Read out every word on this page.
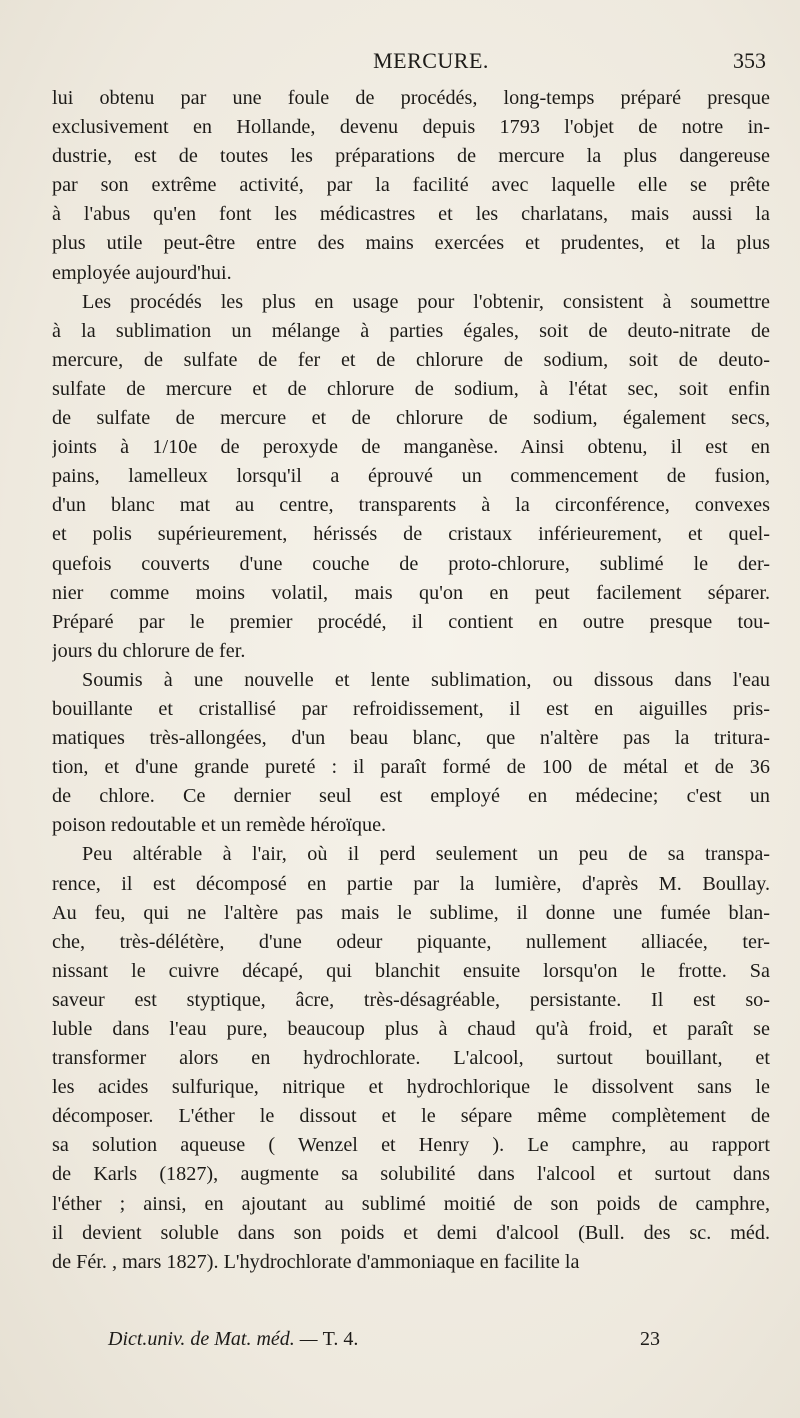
MERCURE.	353

lui obtenu par une foule de procédés, long-temps préparé presque
exclusivement en Hollande, devenu depuis 1793 l'objet de notre in-
dustrie, est de toutes les préparations de mercure la plus dangereuse
par son extrême activité, par la facilité avec laquelle elle se prête
à l'abus qu'en font les médicastres et les charlatans, mais aussi la
plus utile peut-être entre des mains exercées et prudentes, et la plus
employée aujourd'hui.

Les procédés les plus en usage pour l'obtenir, consistent à soumettre
à la sublimation un mélange à parties égales, soit de deuto-nitrate de
mercure, de sulfate de fer et de chlorure de sodium, soit de deuto-
sulfate de mercure et de chlorure de sodium, à l'état sec, soit enfin
de sulfate de mercure et de chlorure de sodium, également secs,
joints à 1/10e de peroxyde de manganèse. Ainsi obtenu, il est en
pains, lamelleux lorsqu'il a éprouvé un commencement de fusion,
d'un blanc mat au centre, transparents à la circonférence, convexes
et polis supérieurement, hérissés de cristaux inférieurement, et quel-
quefois couverts d'une couche de proto-chlorure, sublimé le der-
nier comme moins volatil, mais qu'on en peut facilement séparer.
Préparé par le premier procédé, il contient en outre presque tou-
jours du chlorure de fer.

Soumis à une nouvelle et lente sublimation, ou dissous dans l'eau
bouillante et cristallisé par refroidissement, il est en aiguilles pris-
matiques très-allongées, d'un beau blanc, que n'altère pas la tritura-
tion, et d'une grande pureté : il paraît formé de 100 de métal et de 36
de chlore. Ce dernier seul est employé en médecine; c'est un
poison redoutable et un remède héroïque.

Peu altérable à l'air, où il perd seulement un peu de sa transpa-
rence, il est décomposé en partie par la lumière, d'après M. Boullay.
Au feu, qui ne l'altère pas mais le sublime, il donne une fumée blan-
che, très-délétère, d'une odeur piquante, nullement alliacée, ter-
nissant le cuivre décapé, qui blanchit ensuite lorsqu'on le frotte. Sa
saveur est styptique, âcre, très-désagréable, persistante. Il est so-
luble dans l'eau pure, beaucoup plus à chaud qu'à froid, et paraît se
transformer alors en hydrochlorate. L'alcool, surtout bouillant, et
les acides sulfurique, nitrique et hydrochlorique le dissolvent sans le
décomposer. L'éther le dissout et le sépare même complètement de
sa solution aqueuse ( Wenzel et Henry ). Le camphre, au rapport
de Karls (1827), augmente sa solubilité dans l'alcool et surtout dans
l'éther ; ainsi, en ajoutant au sublimé moitié de son poids de camphre,
il devient soluble dans son poids et demi d'alcool (Bull. des sc. méd.
de Fér. , mars 1827). L'hydrochlorate d'ammoniaque en facilite la

Dict.univ. de Mat. méd. — T. 4.	23
